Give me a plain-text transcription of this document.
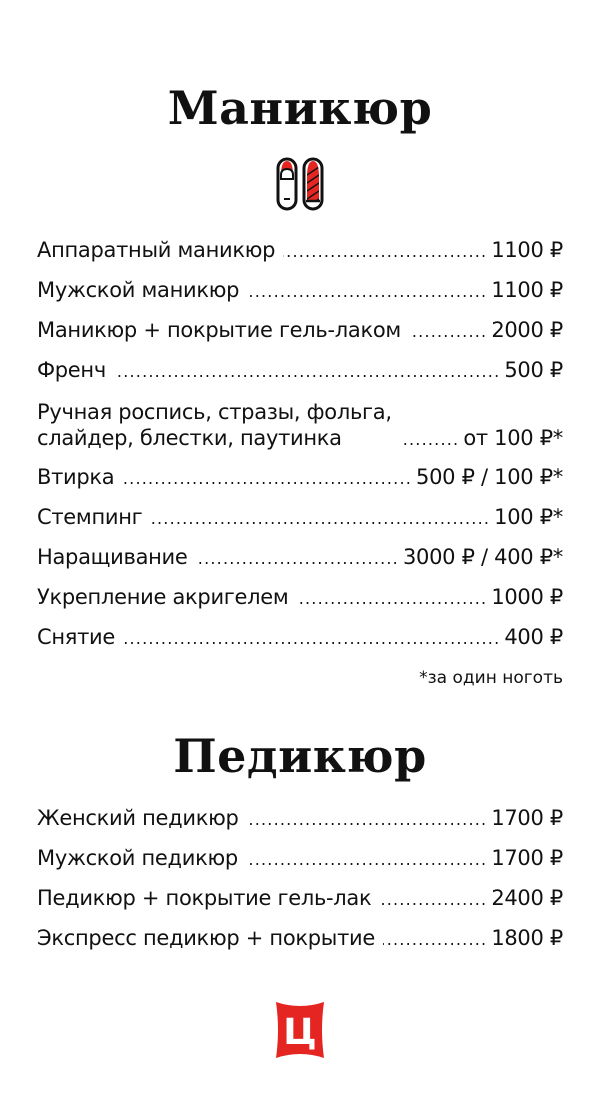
Маникюр
Аппаратный маникюр .....	1100 ₽
Мужской маникюр .....	1100 ₽
Маникюр + покрытие гель-лаком .....	2000 ₽
Френч .....	500 ₽
Ручная роспись, стразы, фольга,
слайдер, блестки, паутинка .....	от 100 ₽*
Втирка .....	500 ₽ / 100 ₽*
Стемпинг .....	100 ₽*
Наращивание .....	3000 ₽ / 400 ₽*
Укрепление акригелем .....	1000 ₽
Снятие .....	400 ₽
*за один ноготь
Педикюр
Женский педикюр .....	1700 ₽
Мужской педикюр .....	1700 ₽
Педикюр + покрытие гель-лак .....	2400 ₽
Экспресс педикюр + покрытие .....	1800 ₽
Ц
